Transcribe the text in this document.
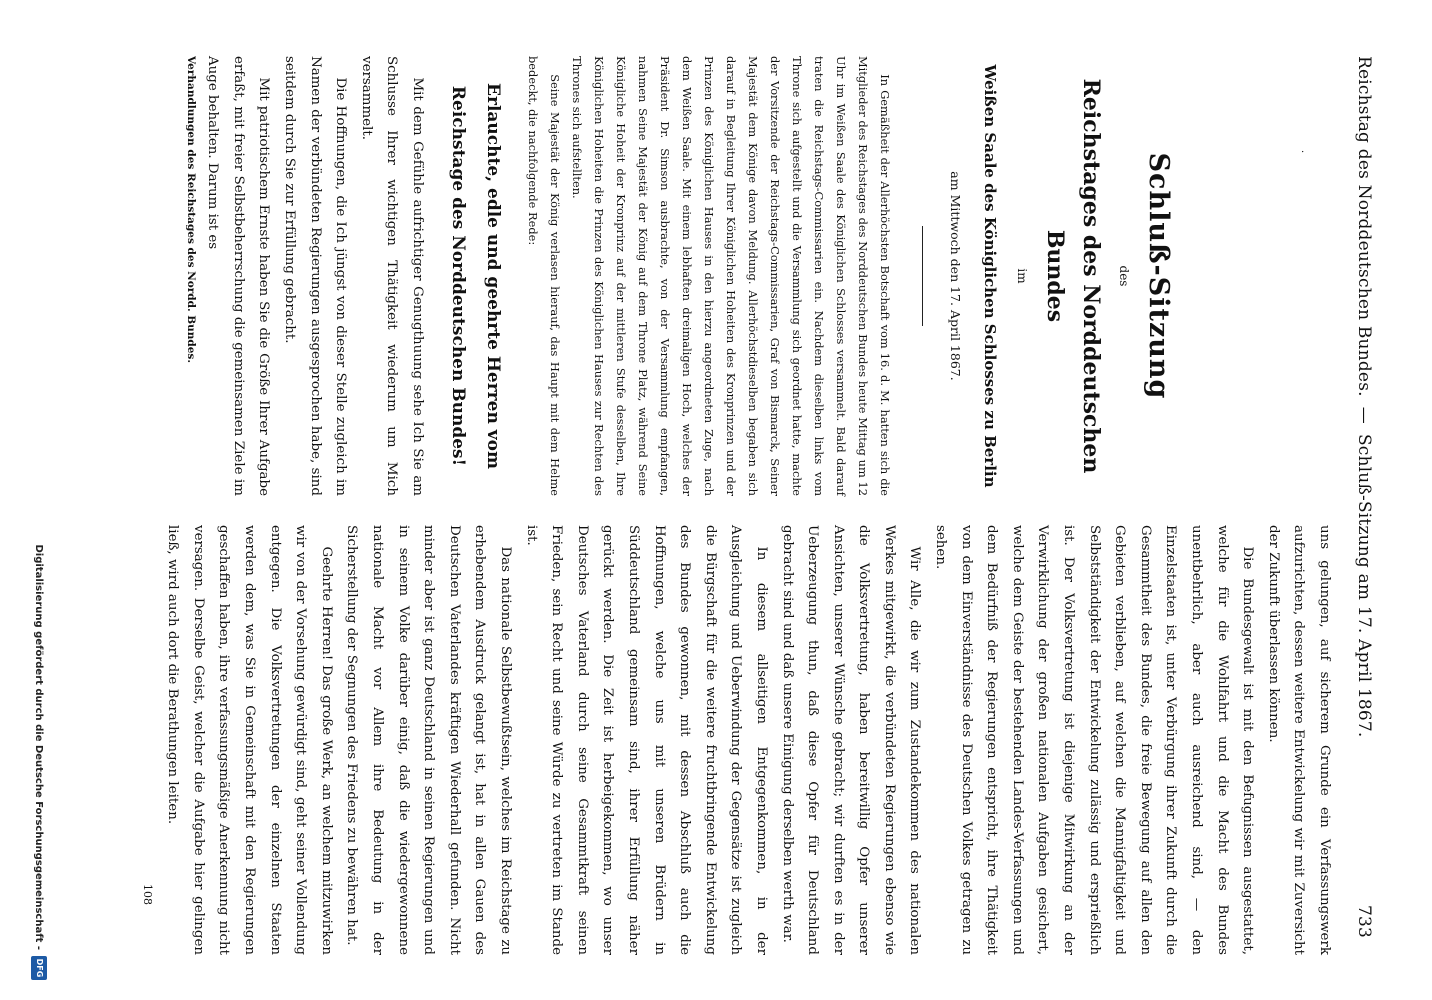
Reichstag des Norddeutschen Bundes.
—
Schluß-Sitzung am 17. April 1867.
733
·

Schluß-Sitzung

des

Reichstages des Norddeutschen Bundes

im

Weißen Saale des Königlichen Schlosses zu Berlin

am Mittwoch den 17. April 1867.

In Gemäßheit der Allerhöchsten Botschaft vom 16. d. M. hatten sich die Mitglieder des Reichstages des Norddeutschen Bundes heute Mittag um 12 Uhr im Weißen Saale des Königlichen Schlosses versammelt. Bald darauf traten die Reichstags-Commissarien ein. Nachdem dieselben links vom Throne sich aufgestellt und die Versammlung sich geordnet hatte, machte der Vorsitzende der Reichstags-Commissarien, Graf von Bismarck, Seiner Majestät dem Könige davon Meldung. Allerhöchstdieselben begaben sich darauf in Begleitung Ihrer Königlichen Hoheiten des Kronprinzen und der Prinzen des Königlichen Hauses in den hierzu angeordneten Zuge, nach dem Weißen Saale. Mit einem lebhaften dreimaligen Hoch, welches der Präsident Dr. Simson ausbrachte, von der Versammlung empfangen, nahmen Seine Majestät der König auf dem Throne Platz, während Seine Königliche Hoheit der Kronprinz auf der mittleren Stufe desselben, Ihre Königlichen Hoheiten die Prinzen des Königlichen Hauses zur Rechten des Thrones sich aufstellten.

Seine Majestät der König verlasen hierauf, das Haupt mit dem Helme bedeckt, die nachfolgende Rede:

Erlauchte, edle und geehrte Herren vom Reichstage des Norddeutschen Bundes!

Mit dem Gefühle aufrichtiger Genugthuung sehe Ich Sie am Schlusse Ihrer wichtigen Thätigkeit wiederum um Mich versammelt.

Die Hoffnungen, die Ich jüngst von dieser Stelle zugleich im Namen der verbündeten Regierungen ausgesprochen habe, sind seitdem durch Sie zur Erfüllung gebracht.

Mit patriotischem Ernste haben Sie die Größe Ihrer Aufgabe erfaßt, mit freier Selbstbeherrschung die gemeinsamen Ziele im Auge behalten. Darum ist es

Verhandlungen des Reichstages des Nordd. Bundes.

uns gelungen, auf sicherem Grunde ein Verfassungswerk aufzurichten, dessen weitere Entwickelung wir mit Zuversicht der Zukunft überlassen können.

Die Bundesgewalt ist mit den Befugnissen ausgestattet, welche für die Wohlfahrt und die Macht des Bundes unentbehrlich, aber auch ausreichend sind, — den Einzelstaaten ist, unter Verbürgung ihrer Zukunft durch die Gesammtheit des Bundes, die freie Bewegung auf allen den Gebieten verblieben, auf welchen die Mannigfaltigkeit und Selbstständigkeit der Entwickelung zulässig und ersprießlich ist. Der Volksvertretung ist diejenige Mitwirkung an der Verwirklichung der großen nationalen Aufgaben gesichert, welche dem Geiste der bestehenden Landes-Verfassungen und dem Bedürfniß der Regierungen entspricht, ihre Thätigkeit von dem Einverständnisse des Deutschen Volkes getragen zu sehen.

Wir Alle, die wir zum Zustandekommen des nationalen Werkes mitgewirkt, die verbündeten Regierungen ebenso wie die Volksvertretung, haben bereitwillig Opfer unserer Ansichten, unserer Wünsche gebracht; wir durften es in der Ueberzeugung thun, daß diese Opfer für Deutschland gebracht sind und daß unsere Einigung derselben werth war.

In diesem allseitigen Entgegenkommen, in der Ausgleichung und Ueberwindung der Gegensätze ist zugleich die Bürgschaft für die weitere fruchtbringende Entwickelung des Bundes gewonnen, mit dessen Abschluß auch die Hoffnungen, welche uns mit unseren Brüdern in Süddeutschland gemeinsam sind, ihrer Erfüllung näher gerückt werden. Die Zeit ist herbeigekommen, wo unser Deutsches Vaterland durch seine Gesammtkraft seinen Frieden, sein Recht und seine Würde zu vertreten im Stande ist.

Das nationale Selbstbewußtsein, welches im Reichstage zu erhebendem Ausdruck gelangt ist, hat in allen Gauen des Deutschen Vaterlandes kräftigen Wiederhall gefunden. Nicht minder aber ist ganz Deutschland in seinen Regierungen und in seinem Volke darüber einig, daß die wiedergewonnene nationale Macht vor Allem ihre Bedeutung in der Sicherstellung der Segnungen des Friedens zu bewähren hat.

Geehrte Herren! Das große Werk, an welchem mitzuwirken wir von der Vorsehung gewürdigt sind, geht seiner Vollendung entgegen. Die Volksvertretungen der einzelnen Staaten werden dem, was Sie in Gemeinschaft mit den Regierungen geschaffen haben, ihre verfassungsmäßige Anerkennung nicht versagen. Derselbe Geist, welcher die Aufgabe hier gelingen ließ, wird auch dort die Berathungen leiten.

108

Digitalisierung gefördert durch die Deutsche Forschungsgemeinschaft -
DFG
